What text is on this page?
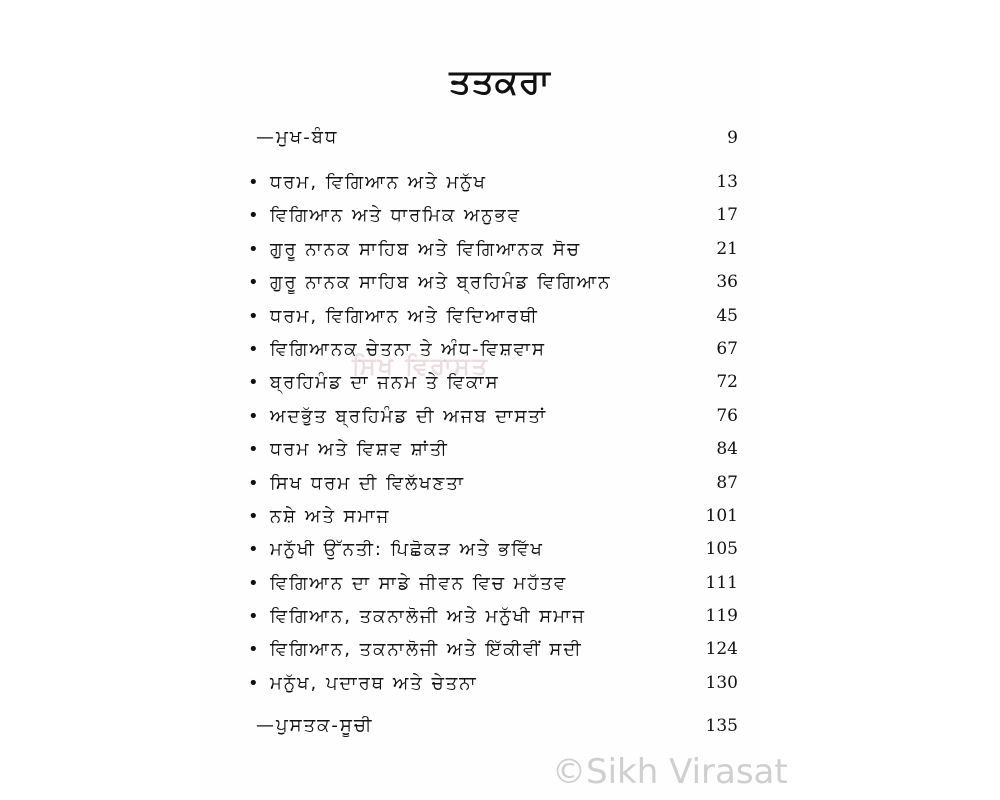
ਤਤਕਰਾ
—ਮੁਖ-ਬੰਧ	9
• ਧਰਮ, ਵਿਗਿਆਨ ਅਤੇ ਮਨੁੱਖ	13
• ਵਿਗਿਆਨ ਅਤੇ ਧਾਰਮਿਕ ਅਨੁਭਵ	17
• ਗੁਰੂ ਨਾਨਕ ਸਾਹਿਬ ਅਤੇ ਵਿਗਿਆਨਕ ਸੋਚ	21
• ਗੁਰੂ ਨਾਨਕ ਸਾਹਿਬ ਅਤੇ ਬ੍ਰਹਿਮੰਡ ਵਿਗਿਆਨ	36
• ਧਰਮ, ਵਿਗਿਆਨ ਅਤੇ ਵਿਦਿਆਰਥੀ	45
• ਵਿਗਿਆਨਕ ਚੇਤਨਾ ਤੇ ਅੰਧ-ਵਿਸ਼ਵਾਸ	67
• ਬ੍ਰਹਿਮੰਡ ਦਾ ਜਨਮ ਤੇ ਵਿਕਾਸ	72
• ਅਦਭੁੱਤ ਬ੍ਰਹਿਮੰਡ ਦੀ ਅਜਬ ਦਾਸਤਾਂ	76
• ਧਰਮ ਅਤੇ ਵਿਸ਼ਵ ਸ਼ਾਂਤੀ	84
• ਸਿਖ ਧਰਮ ਦੀ ਵਿਲੱਖਣਤਾ	87
• ਨਸ਼ੇ ਅਤੇ ਸਮਾਜ	101
• ਮਨੁੱਖੀ ਉੱਨਤੀ: ਪਿਛੋਕੜ ਅਤੇ ਭਵਿੱਖ	105
• ਵਿਗਿਆਨ ਦਾ ਸਾਡੇ ਜੀਵਨ ਵਿਚ ਮਹੱਤਵ	111
• ਵਿਗਿਆਨ, ਤਕਨਾਲੋਜੀ ਅਤੇ ਮਨੁੱਖੀ ਸਮਾਜ	119
• ਵਿਗਿਆਨ, ਤਕਨਾਲੋਜੀ ਅਤੇ ਇੱਕੀਵੀਂ ਸਦੀ	124
• ਮਨੁੱਖ, ਪਦਾਰਥ ਅਤੇ ਚੇਤਨਾ	130
—ਪੁਸਤਕ-ਸੂਚੀ	135
ਸਿਖ ਵਿਰਾਸਤ
©Sikh Virasat
